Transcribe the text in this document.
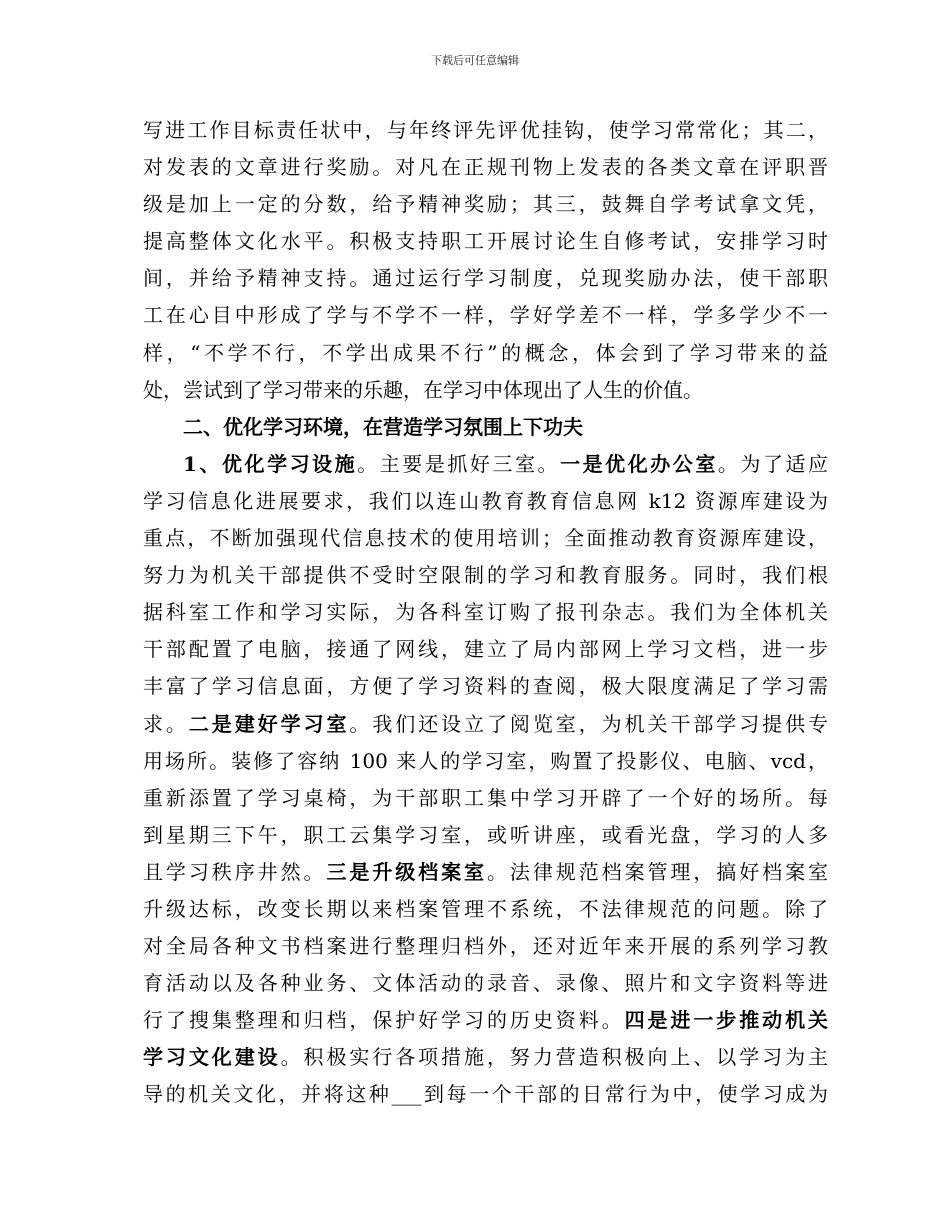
下载后可任意编辑
写进工作目标责任状中，与年终评先评优挂钩，使学习常常化；其二，
对发表的文章进行奖励。对凡在正规刊物上发表的各类文章在评职晋
级是加上一定的分数，给予精神奖励；其三，鼓舞自学考试拿文凭，
提高整体文化水平。积极支持职工开展讨论生自修考试，安排学习时
间，并给予精神支持。通过运行学习制度，兑现奖励办法，使干部职
工在心目中形成了学与不学不一样，学好学差不一样，学多学少不一
样，“不学不行，不学出成果不行”的概念，体会到了学习带来的益
处，尝试到了学习带来的乐趣，在学习中体现出了人生的价值。
二、优化学习环境，在营造学习氛围上下功夫
1、优化学习设施。主要是抓好三室。一是优化办公室。为了适应
学习信息化进展要求，我们以连山教育教育信息网 k12 资源库建设为
重点，不断加强现代信息技术的使用培训；全面推动教育资源库建设，
努力为机关干部提供不受时空限制的学习和教育服务。同时，我们根
据科室工作和学习实际，为各科室订购了报刊杂志。我们为全体机关
干部配置了电脑，接通了网线，建立了局内部网上学习文档，进一步
丰富了学习信息面，方便了学习资料的查阅，极大限度满足了学习需
求。二是建好学习室。我们还设立了阅览室，为机关干部学习提供专
用场所。装修了容纳 100 来人的学习室，购置了投影仪、电脑、vcd，
重新添置了学习桌椅，为干部职工集中学习开辟了一个好的场所。每
到星期三下午，职工云集学习室，或听讲座，或看光盘，学习的人多
且学习秩序井然。三是升级档案室。法律规范档案管理，搞好档案室
升级达标，改变长期以来档案管理不系统，不法律规范的问题。除了
对全局各种文书档案进行整理归档外，还对近年来开展的系列学习教
育活动以及各种业务、文体活动的录音、录像、照片和文字资料等进
行了搜集整理和归档，保护好学习的历史资料。四是进一步推动机关
学习文化建设。积极实行各项措施，努力营造积极向上、以学习为主
导的机关文化，并将这种___到每一个干部的日常行为中，使学习成为
